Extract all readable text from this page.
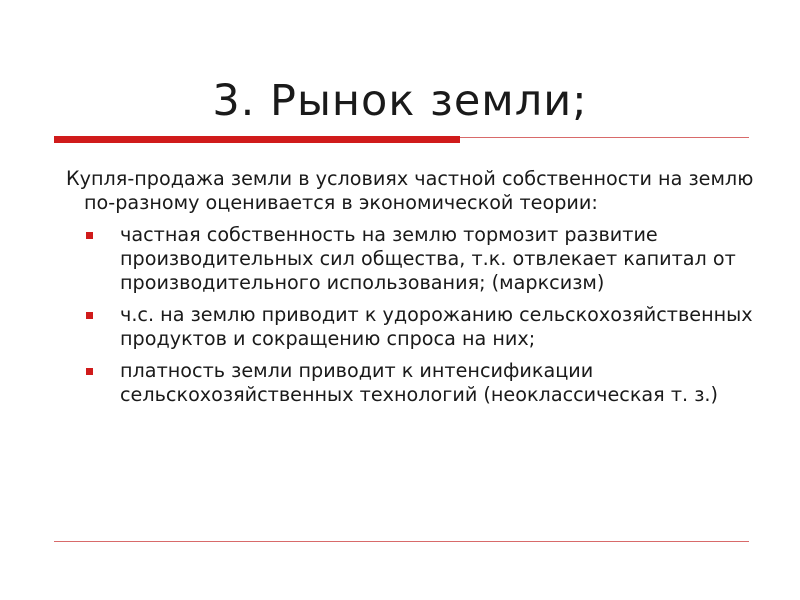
3. Рынок земли;

Купля-продажа земли в условиях частной собственности на землю по-разному оценивается в экономической теории:

частная собственность на землю тормозит развитие производительных сил общества, т.к. отвлекает капитал от производительного использования; (марксизм)
ч.с. на землю приводит к удорожанию сельскохозяйственных продуктов и сокращению спроса на них;
платность земли приводит к интенсификации сельскохозяйственных технологий (неоклассическая т. з.)
